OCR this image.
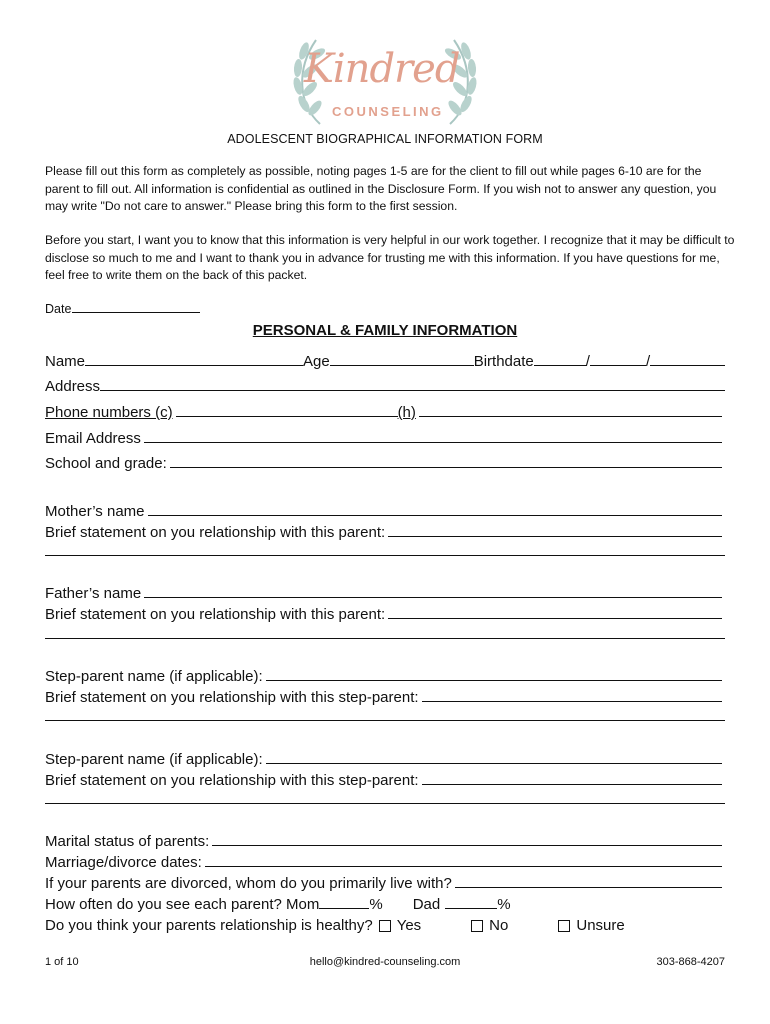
Kindred
COUNSELING
ADOLESCENT BIOGRAPHICAL INFORMATION FORM

Please fill out this form as completely as possible, noting pages 1-5 are for the client to fill out while pages 6-10 are for the parent to fill out. All information is confidential as outlined in the Disclosure Form. If you wish not to answer any question, you may write "Do not care to answer." Please bring this form to the first session.

Before you start, I want you to know that this information is very helpful in our work together. I recognize that it may be difficult to disclose so much to me and I want to thank you in advance for trusting me with this information. If you have questions for me, feel free to write them on the back of this packet.

Date
PERSONAL & FAMILY INFORMATION
Name	Age	Birthdate	/	/
Address
Phone numbers (c)	(h)
Email Address
School and grade:
Mother’s name
Brief statement on you relationship with this parent:
Father’s name
Brief statement on you relationship with this parent:
Step-parent name (if applicable):
Brief statement on you relationship with this step-parent:
Step-parent name (if applicable):
Brief statement on you relationship with this step-parent:
Marital status of parents:
Marriage/divorce dates:
If your parents are divorced, whom do you primarily live with?
How often do you see each parent? Mom	% Dad	%
Do you think your parents relationship is healthy? Yes	No	Unsure
1 of 10	hello@kindred-counseling.com	303-868-4207
